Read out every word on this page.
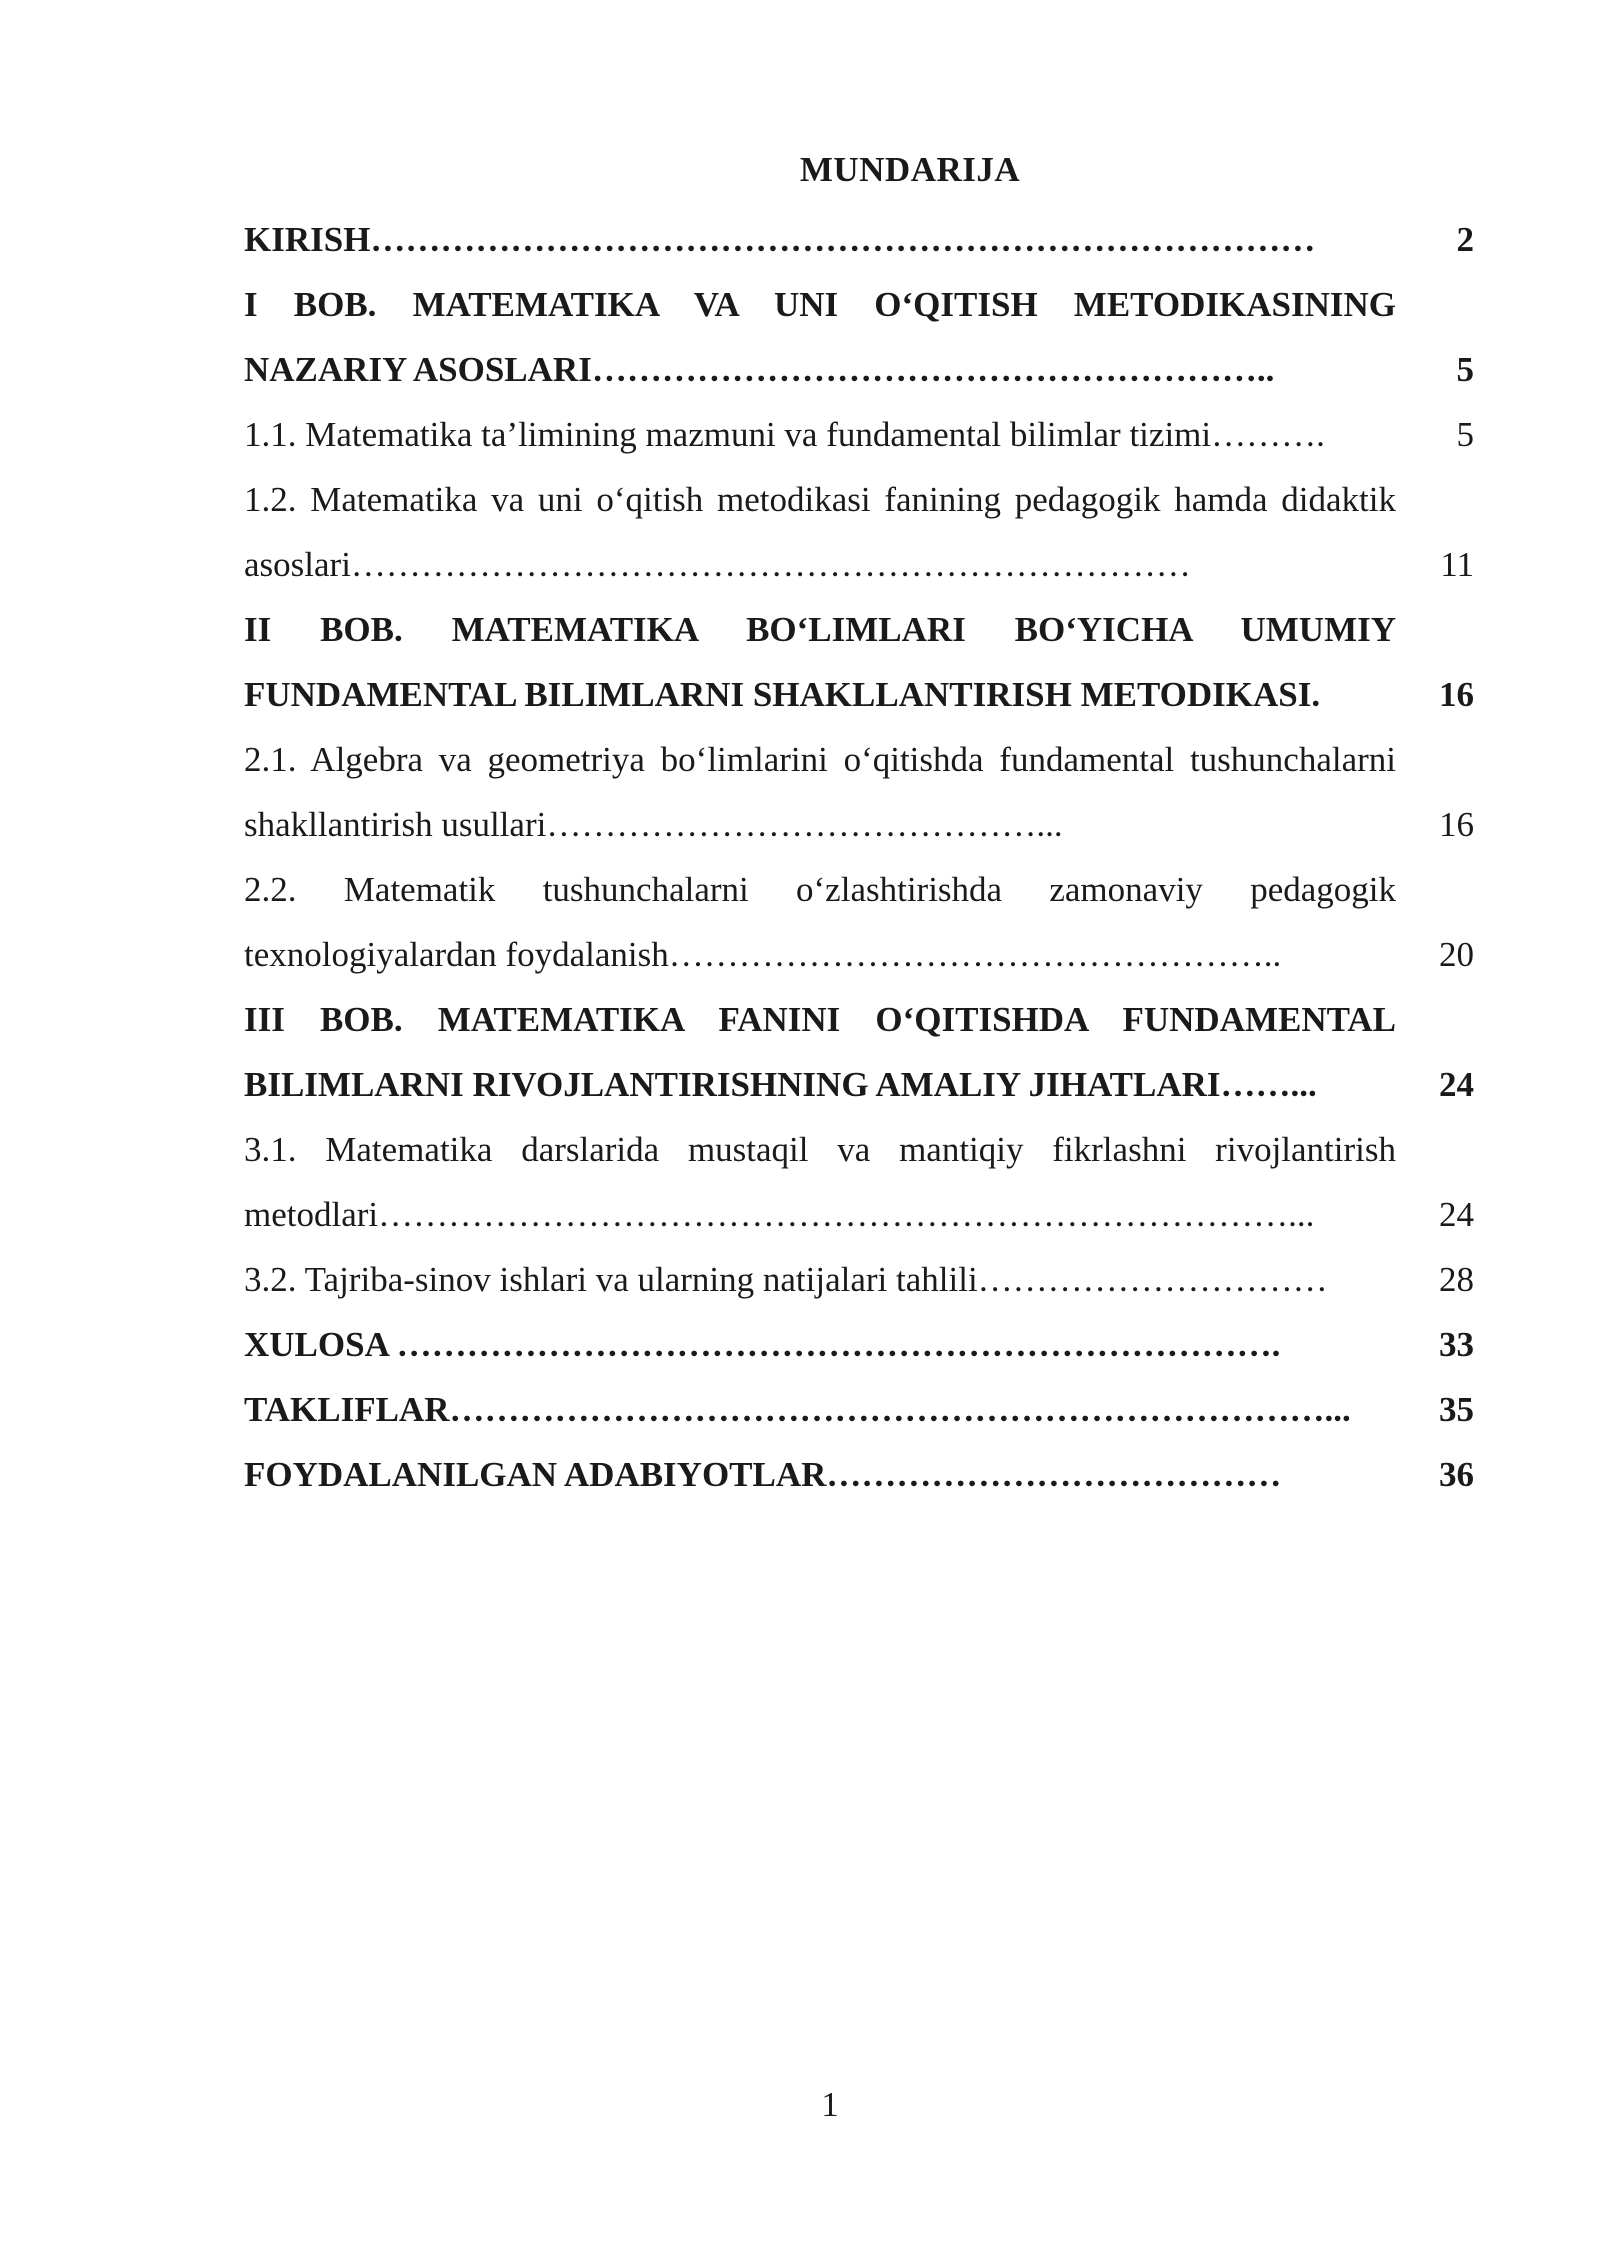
MUNDARIJA
KIRISH………………………………………………………………………	2
I BOB. MATEMATIKA VA UNI O‘QITISH METODIKASINING NAZARIY ASOSLARI…………………………………………………..	5
1.1. Matematika ta’limining mazmuni va fundamental bilimlar tizimi……….	5
1.2. Matematika va uni o‘qitish metodikasi fanining pedagogik hamda didaktik asoslari………………………………………………………………	11
II BOB. MATEMATIKA BO‘LIMLARI BO‘YICHA UMUMIY FUNDAMENTAL BILIMLARNI SHAKLLANTIRISH METODIKASI.	16
2.1. Algebra va geometriya bo‘limlarini o‘qitishda fundamental tushunchalarni shakllantirish usullari……………………………………...	16
2.2. Matematik tushunchalarni o‘zlashtirishda zamonaviy pedagogik texnologiyalardan foydalanish……………………………………………..	20
III BOB. MATEMATIKA FANINI O‘QITISHDA FUNDAMENTAL BILIMLARNI RIVOJLANTIRISHNING AMALIY JIHATLARI……...	24
3.1. Matematika darslarida mustaqil va mantiqiy fikrlashni rivojlantirish metodlari……………………………………………………………………...	24
3.2. Tajriba-sinov ishlari va ularning natijalari tahlili…………………………	28
XULOSA ………………………………………………………………….	33
TAKLIFLAR…………………………………………………………………...	35
FOYDALANILGAN ADABIYOTLAR…………………………………	36
1
